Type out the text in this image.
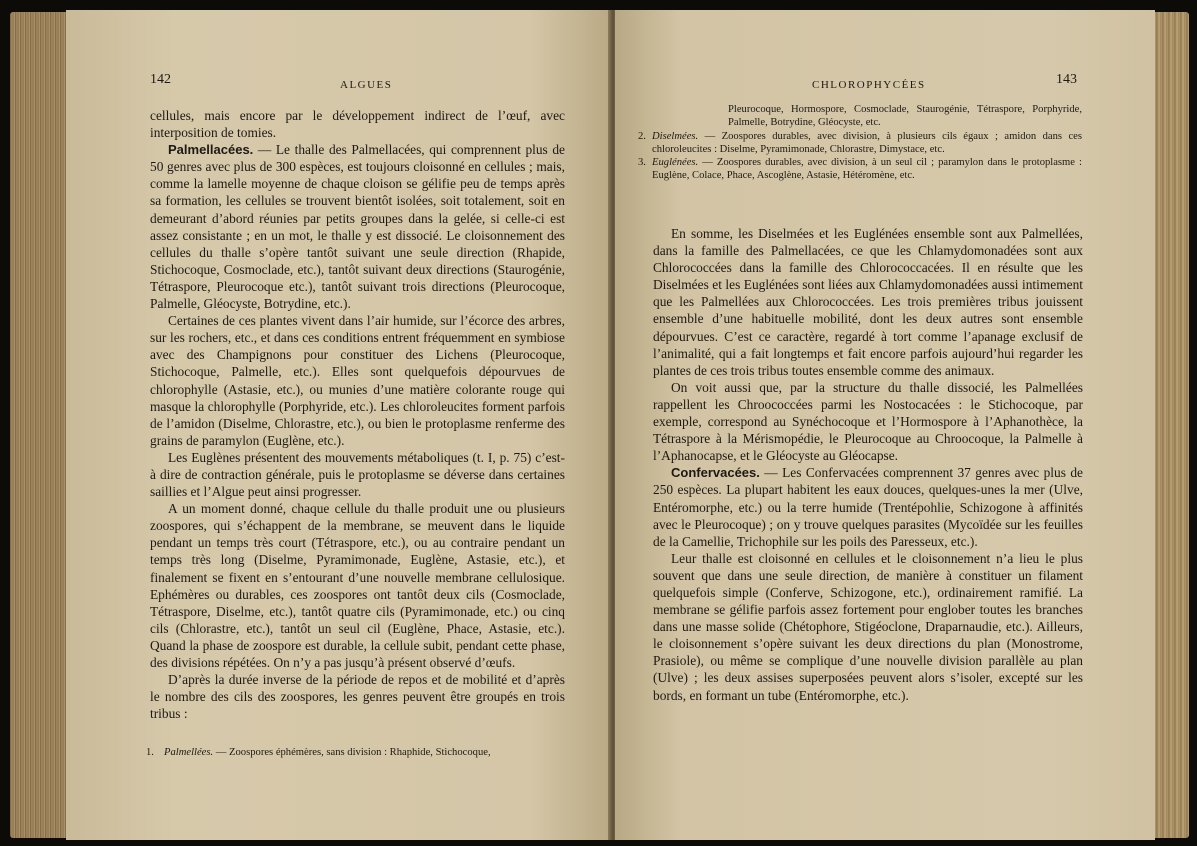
142	ALGUES

cellules, mais encore par le développement indirect de l’œuf, avec interposition de tomies.

Palmellacées. — Le thalle des Palmellacées, qui comprennent plus de 50 genres avec plus de 300 espèces, est toujours cloisonné en cellules ; mais, comme la lamelle moyenne de chaque cloison se gélifie peu de temps après sa formation, les cellules se trouvent bientôt isolées, soit totalement, soit en demeurant d’abord réunies par petits groupes dans la gelée, si celle-ci est assez consistante ; en un mot, le thalle y est dissocié. Le cloisonnement des cellules du thalle s’opère tantôt suivant une seule direction (Rhapide, Stichocoque, Cosmoclade, etc.), tantôt suivant deux directions (Staurogénie, Tétraspore, Pleurocoque etc.), tantôt suivant trois directions (Pleurocoque, Palmelle, Gléocyste, Botrydine, etc.).

Certaines de ces plantes vivent dans l’air humide, sur l’écorce des arbres, sur les rochers, etc., et dans ces conditions entrent fréquemment en symbiose avec des Champignons pour constituer des Lichens (Pleurocoque, Stichocoque, Palmelle, etc.). Elles sont quelquefois dépourvues de chlorophylle (Astasie, etc.), ou munies d’une matière colorante rouge qui masque la chlorophylle (Porphyride, etc.). Les chloroleucites forment parfois de l’amidon (Diselme, Chlorastre, etc.), ou bien le protoplasme renferme des grains de paramylon (Euglène, etc.).

Les Euglènes présentent des mouvements métaboliques (t. I, p. 75) c’est-à dire de contraction générale, puis le protoplasme se déverse dans certaines saillies et l’Algue peut ainsi progresser.

A un moment donné, chaque cellule du thalle produit une ou plusieurs zoospores, qui s’échappent de la membrane, se meuvent dans le liquide pendant un temps très court (Tétraspore, etc.), ou au contraire pendant un temps très long (Diselme, Pyramimonade, Euglène, Astasie, etc.), et finalement se fixent en s’entourant d’une nouvelle membrane cellulosique. Ephémères ou durables, ces zoospores ont tantôt deux cils (Cosmoclade, Tétraspore, Diselme, etc.), tantôt quatre cils (Pyramimonade, etc.) ou cinq cils (Chlorastre, etc.), tantôt un seul cil (Euglène, Phace, Astasie, etc.). Quand la phase de zoospore est durable, la cellule subit, pendant cette phase, des divisions répétées. On n’y a pas jusqu’à présent observé d’œufs.

D’après la durée inverse de la période de repos et de mobilité et d’après le nombre des cils des zoospores, les genres peuvent être groupés en trois tribus :

1. Palmellées. — Zoospores éphémères, sans division : Rhaphide, Stichocoque,
CHLOROPHYCÉES	143
Pleurocoque, Hormospore, Cosmoclade, Staurogénie, Tétraspore, Porphyride, Palmelle, Botrydine, Gléocyste, etc.
2. Diselmées. — Zoospores durables, avec division, à plusieurs cils égaux ; amidon dans ces chloroleucites : Diselme, Pyramimonade, Chlorastre, Dimystace, etc.
3. Euglénées. — Zoospores durables, avec division, à un seul cil ; paramylon dans le protoplasme : Euglène, Colace, Phace, Ascoglène, Astasie, Hétéromène, etc.

En somme, les Diselmées et les Euglénées ensemble sont aux Palmellées, dans la famille des Palmellacées, ce que les Chlamydomonadées sont aux Chlorococcées dans la famille des Chlorococcacées. Il en résulte que les Diselmées et les Euglénées sont liées aux Chlamydomonadées aussi intimement que les Palmellées aux Chlorococcées. Les trois premières tribus jouissent ensemble d’une habituelle mobilité, dont les deux autres sont ensemble dépourvues. C’est ce caractère, regardé à tort comme l’apanage exclusif de l’animalité, qui a fait longtemps et fait encore parfois aujourd’hui regarder les plantes de ces trois tribus toutes ensemble comme des animaux.

On voit aussi que, par la structure du thalle dissocié, les Palmellées rappellent les Chroococcées parmi les Nostocacées : le Stichocoque, par exemple, correspond au Synéchocoque et l’Hormospore à l’Aphanothèce, la Tétraspore à la Mérismopédie, le Pleurocoque au Chroocoque, la Palmelle à l’Aphanocapse, et le Gléocyste au Gléocapse.

Confervacées. — Les Confervacées comprennent 37 genres avec plus de 250 espèces. La plupart habitent les eaux douces, quelques-unes la mer (Ulve, Entéromorphe, etc.) ou la terre humide (Trentépohlie, Schizogone à affinités avec le Pleurocoque) ; on y trouve quelques parasites (Mycoïdée sur les feuilles de la Camellie, Trichophile sur les poils des Paresseux, etc.).

Leur thalle est cloisonné en cellules et le cloisonnement n’a lieu le plus souvent que dans une seule direction, de manière à constituer un filament quelquefois simple (Conferve, Schizogone, etc.), ordinairement ramifié. La membrane se gélifie parfois assez fortement pour englober toutes les branches dans une masse solide (Chétophore, Stigéoclone, Draparnaudie, etc.). Ailleurs, le cloisonnement s’opère suivant les deux directions du plan (Monostrome, Prasiole), ou même se complique d’une nouvelle division parallèle au plan (Ulve) ; les deux assises superposées peuvent alors s’isoler, excepté sur les bords, en formant un tube (Entéromorphe, etc.).
